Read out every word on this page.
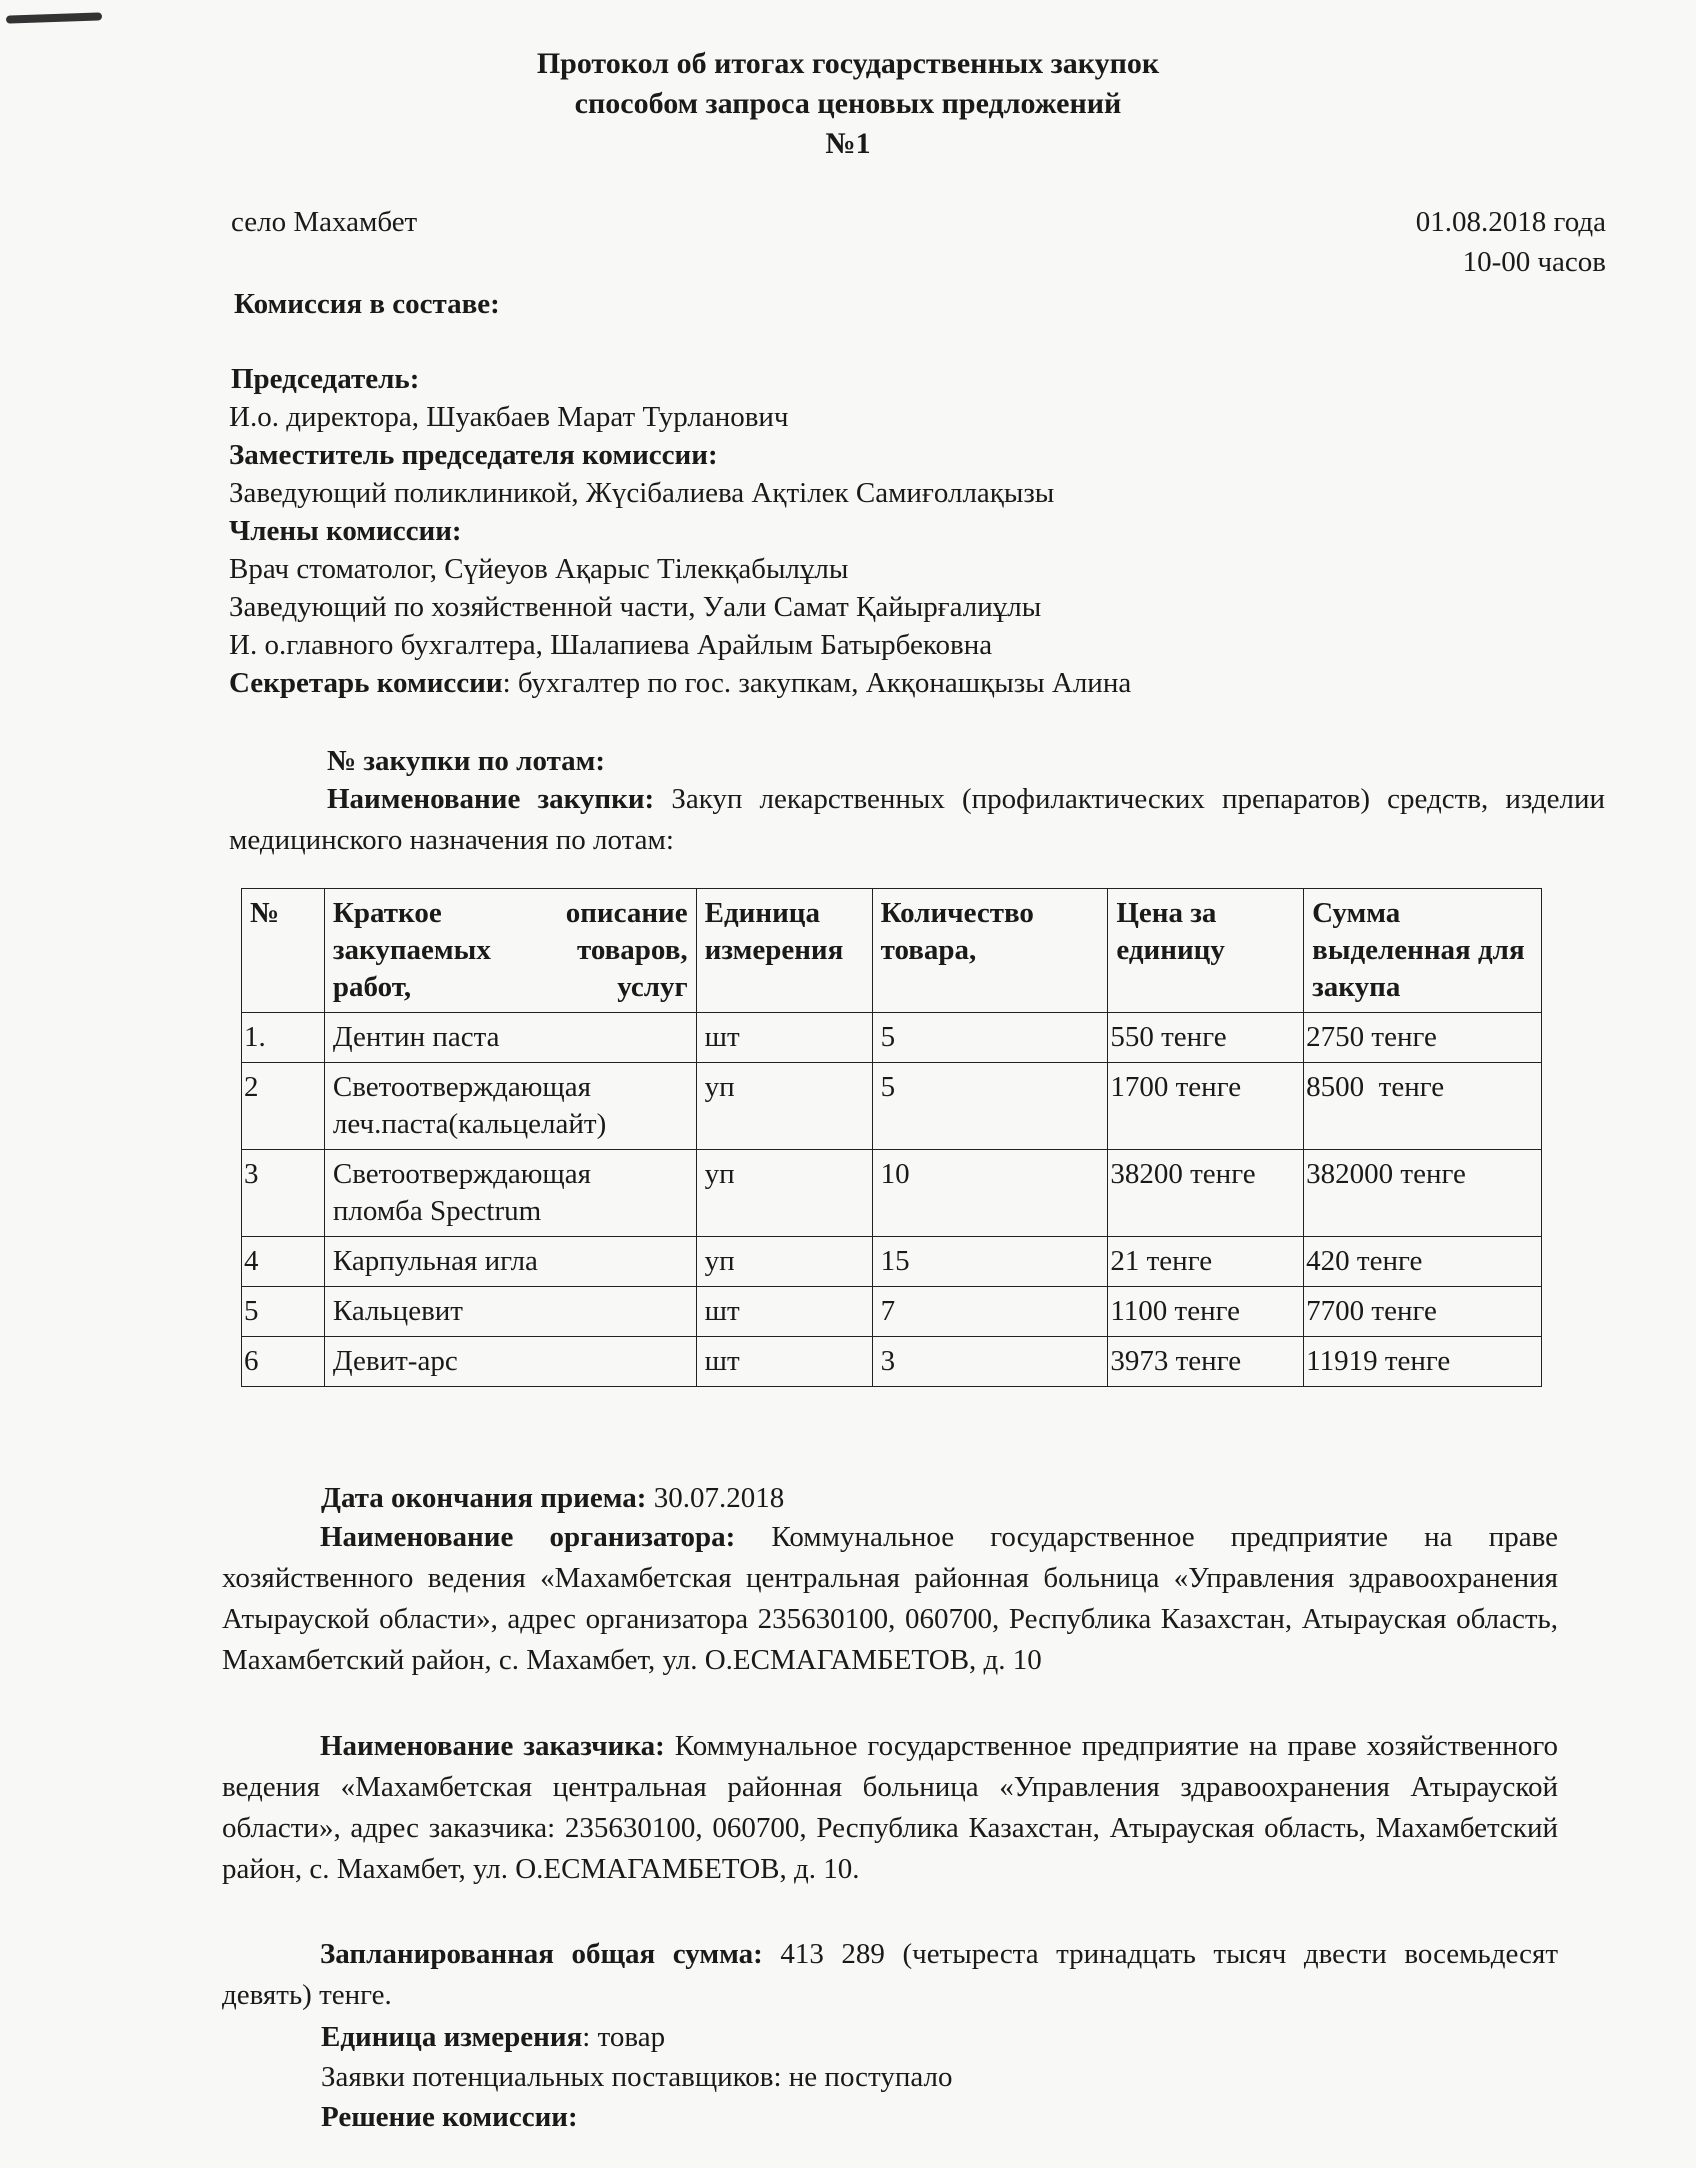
Протокол об итогах государственных закупок
способом запроса ценовых предложений
№1
село Махамбет	01.08.2018 года
10-00 часов
Комиссия в составе:
Председатель:
И.о. директора, Шуакбаев Марат Турланович
Заместитель председателя комиссии:
Заведующий поликлиникой, Жүсібалиева Ақтілек Самиғоллақызы
Члены комиссии:
Врач стоматолог, Сүйеуов Ақарыс Тілекқабылұлы
Заведующий по хозяйственной части, Уали Самат Қайырғалиұлы
И. о.главного бухгалтера, Шалапиева Арайлым Батырбековна
Секретарь комиссии: бухгалтер по гос. закупкам, Акқонашқызы Алина
№ закупки по лотам:
Наименование закупки: Закуп лекарственных (профилактических препаратов) средств, изделии медицинского назначения по лотам:
№	Краткое описание закупаемых товаров, работ, услуг	Единица измерения	Количество товара,	Цена за единицу	Сумма выделенная для закупа
1.	Дентин паста	шт	5	550 тенге	2750 тенге
2	Светоотверждающая леч.паста(кальцелайт)	уп	5	1700 тенге	8500  тенге
3	Светоотверждающая пломба Spectrum	уп	10	38200 тенге	382000 тенге
4	Карпульная игла	уп	15	21 тенге	420 тенге
5	Кальцевит	шт	7	1100 тенге	7700 тенге
6	Девит-арс	шт	3	3973 тенге	11919 тенге
Дата окончания приема: 30.07.2018
Наименование организатора: Коммунальное государственное предприятие на праве хозяйственного ведения «Махамбетская центральная районная больница «Управления здравоохранения Атырауской области», адрес организатора 235630100, 060700, Республика Казахстан, Атырауская область, Махамбетский район, с. Махамбет, ул. О.ЕСМАГАМБЕТОВ, д. 10
Наименование заказчика: Коммунальное государственное предприятие на праве хозяйственного ведения «Махамбетская центральная районная больница «Управления здравоохранения Атырауской области», адрес заказчика: 235630100, 060700, Республика Казахстан, Атырауская область, Махамбетский район, с. Махамбет, ул. О.ЕСМАГАМБЕТОВ, д. 10.
Запланированная общая сумма: 413 289 (четыреста тринадцать тысяч двести восемьдесят девять) тенге.
Единица измерения: товар
Заявки потенциальных поставщиков: не поступало
Решение комиссии:
